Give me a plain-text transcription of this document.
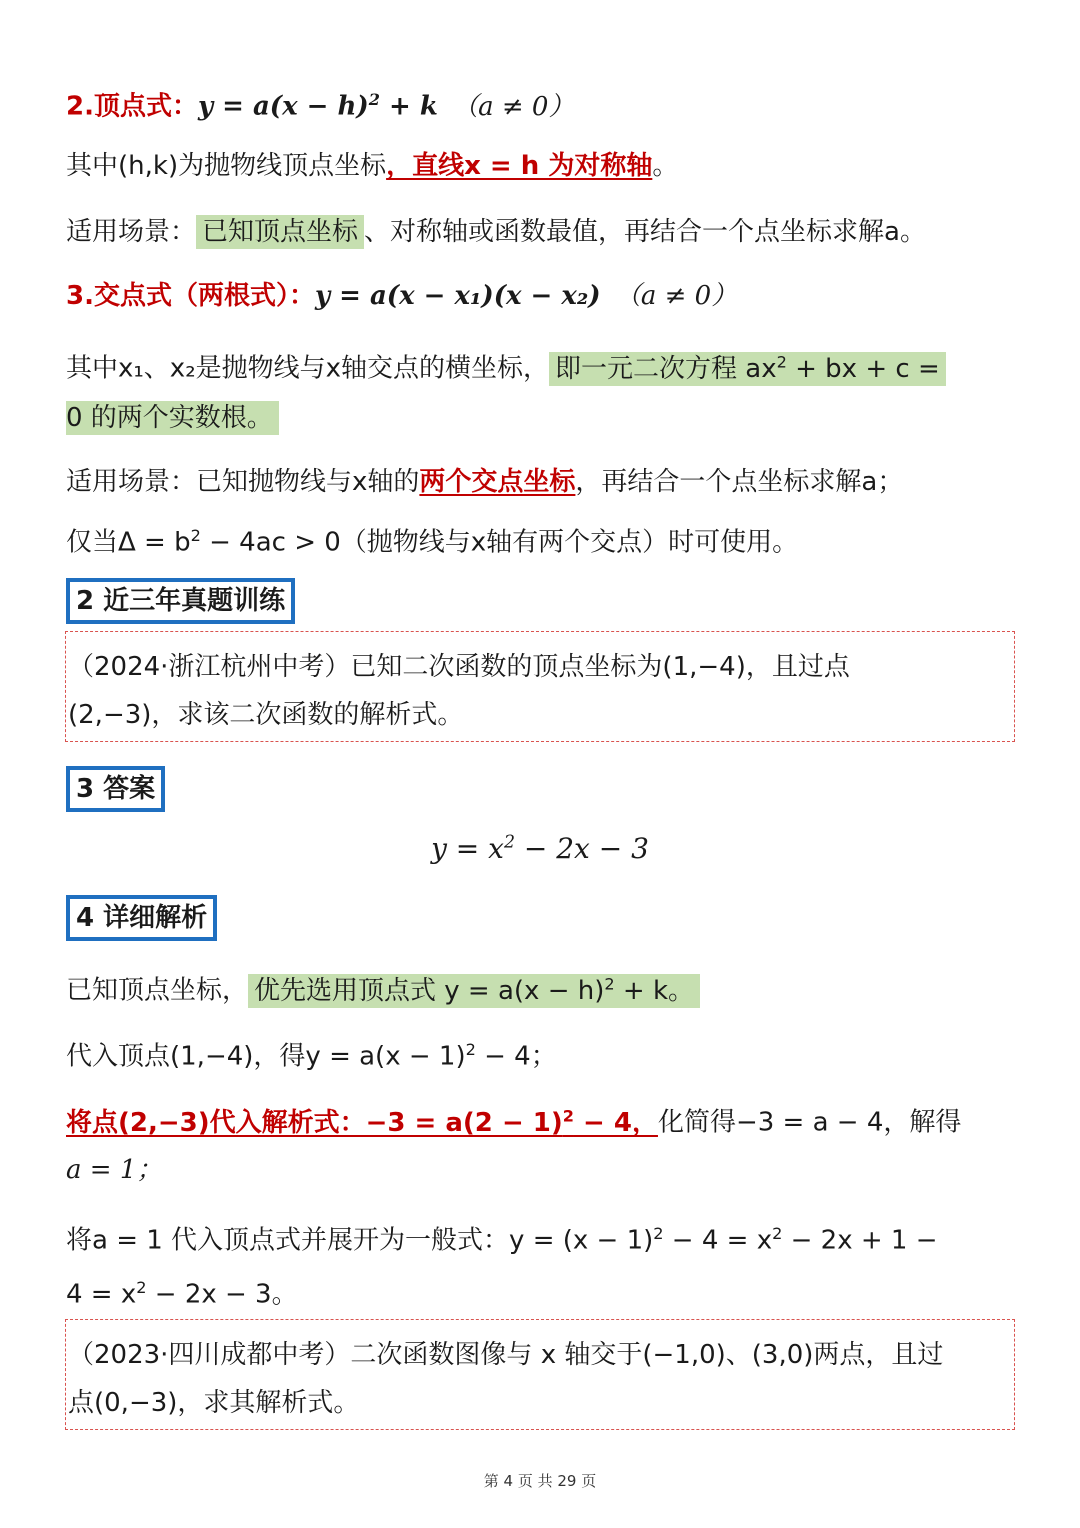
2.顶点式：$y = a(x - h)^2 + k$ （a ≠ 0）
其中(h,k)为抛物线顶点坐标，直线x = h 为对称轴。
适用场景： 已知顶点坐标 、对称轴或函数最值，再结合一个点坐标求解a。
3.交点式（两根式）：y = a(x − x₁)(x − x₂) （a ≠ 0）
其中x₁、x₂是抛物线与x轴交点的横坐标， 即一元二次方程 $ax^2$ + bx + c =
0 的两个实数根。
适用场景：已知抛物线与x轴的两个交点坐标，再结合一个点坐标求解a；
仅当$\Delta = b^2 - 4ac > 0$（抛物线与x轴有两个交点）时可使用。
2 近三年真题训练
（2024·浙江杭州中考）已知二次函数的顶点坐标为(1,−4)，且过点
(2,−3)，求该二次函数的解析式。
3 答案
$y = x^2 - 2x - 3$
4 详细解析
已知顶点坐标， 优先选用顶点式 $y = a(x - h)^2 + k$。
代入顶点(1,−4)，得$y = a(x - 1)^2 - 4$；
将点(2,−3)代入解析式：$-3 = a(2 - 1)^2 - 4$，化简得−3 = a − 4，解得
a = 1；
将a = 1 代入顶点式并展开为一般式：$y = (x - 1)^2 - 4 = x^2 - 2x + 1$ −
$4 = x^2 - 2x - 3$。
（2023·四川成都中考）二次函数图像与 x 轴交于(−1,0)、(3,0)两点，且过
点(0,−3)，求其解析式。
第 4 页 共 29 页
